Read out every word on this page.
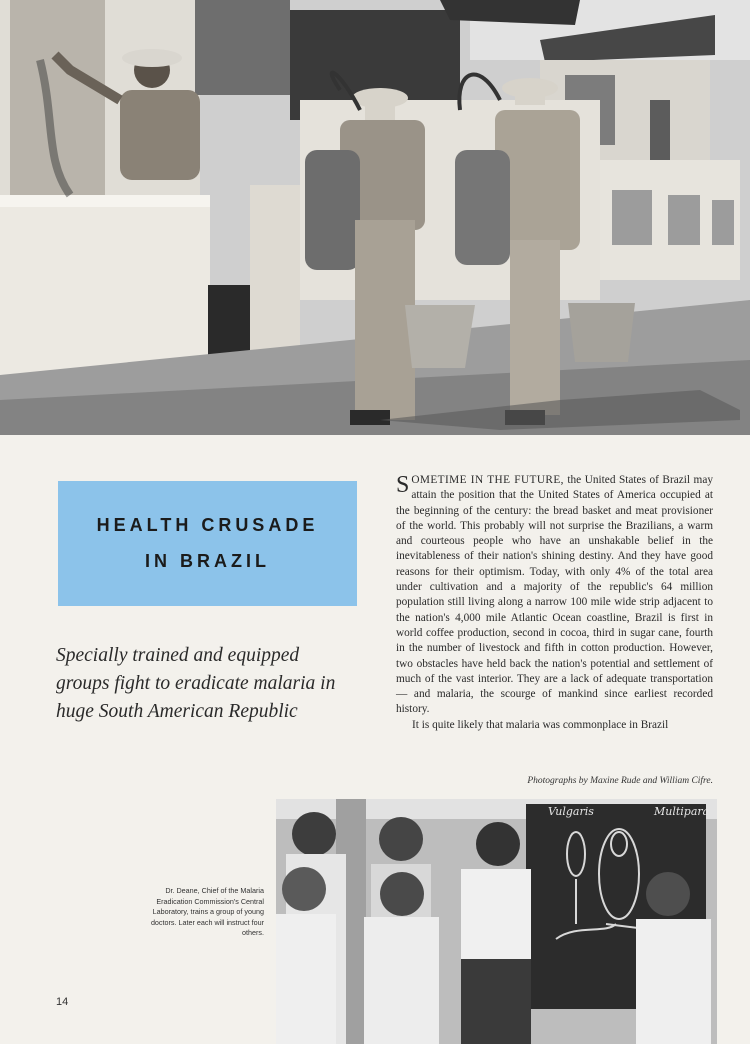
HEALTH CRUSADE
IN BRAZIL
Specially trained and equipped groups fight to eradicate malaria in huge South American Republic

SOMETIME IN THE FUTURE, the United States of Brazil may attain the position that the United States of America occupied at the beginning of the century: the bread basket and meat provisioner of the world. This probably will not surprise the Brazilians, a warm and courteous people who have an unshakable belief in the inevitableness of their nation's shining destiny. And they have good reasons for their optimism. Today, with only 4% of the total area under cultivation and a majority of the republic's 64 million population still living along a narrow 100 mile wide strip adjacent to the nation's 4,000 mile Atlantic Ocean coastline, Brazil is first in world coffee production, second in cocoa, third in sugar cane, fourth in the number of livestock and fifth in cotton production. However, two obstacles have held back the nation's potential and settlement of much of the vast interior. They are a lack of adequate transportation — and malaria, the scourge of mankind since earliest recorded history.

It is quite likely that malaria was commonplace in Brazil

Photographs by Maxine Rude and William Cifre.
Dr. Deane, Chief of the Malaria Eradication Commission's Central Laboratory, trains a group of young doctors. Later each will instruct four others.
Vulgaris	Multipara
14
